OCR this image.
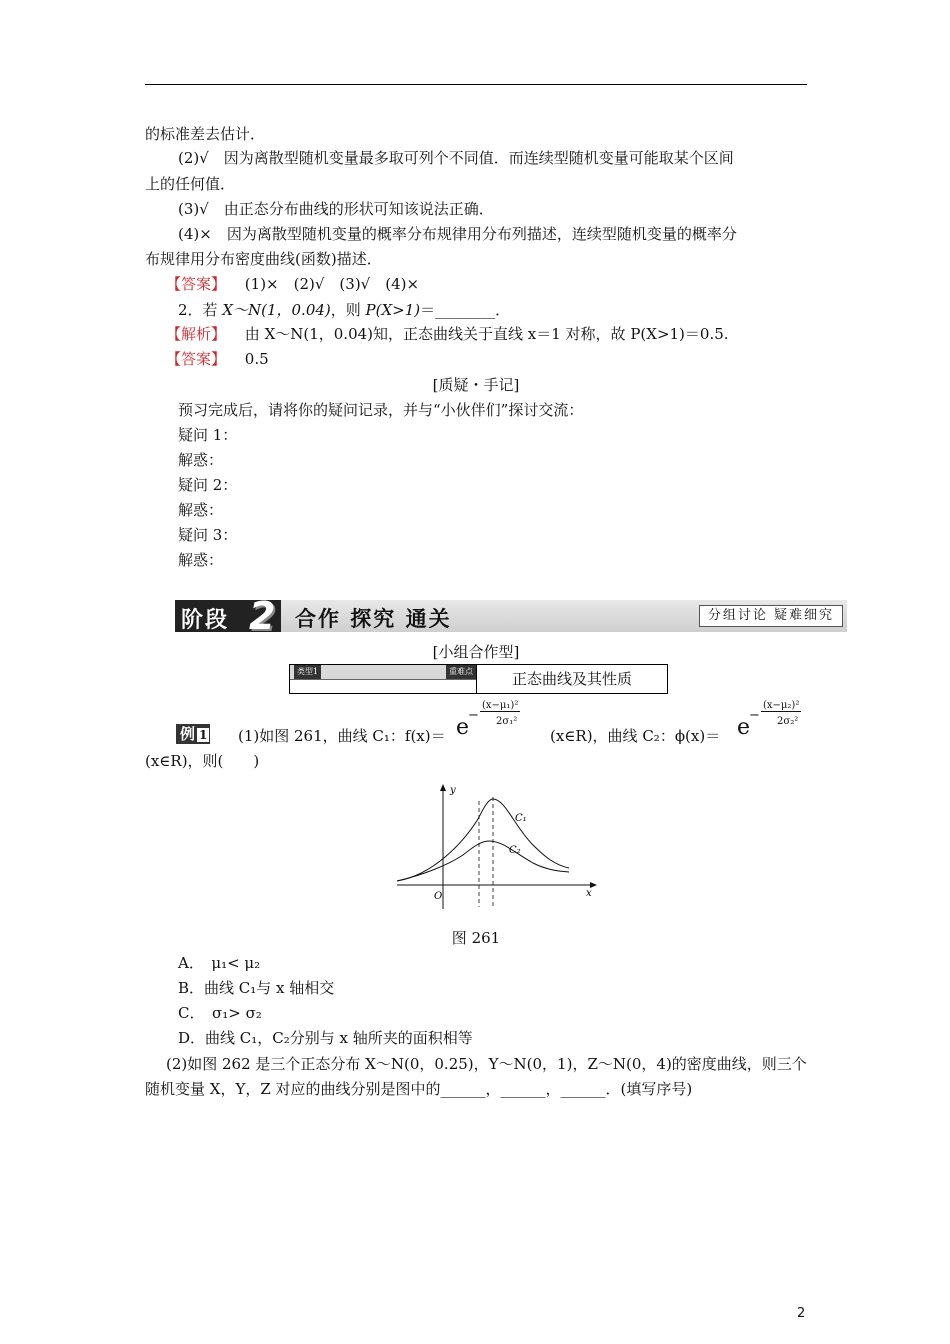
的标准差去估计．
(2)√　因为离散型随机变量最多取可列个不同值．而连续型随机变量可能取某个区间
上的任何值．
(3)√　由正态分布曲线的形状可知该说法正确．
(4)×　因为离散型随机变量的概率分布规律用分布列描述，连续型随机变量的概率分
布规律用分布密度曲线(函数)描述．
【答案】 (1)×　(2)√　(3)√　(4)×
2．若 X～N(1，0.04)，则 P(X>1)＝________．
【解析】 由 X～N(1，0.04)知，正态曲线关于直线 x＝1 对称，故 P(X>1)＝0.5.
【答案】 0.5
[质疑・手记]
预习完成后，请将你的疑问记录，并与“小伙伴们”探讨交流：
疑问 1：
解惑：
疑问 2：
解惑：
疑问 3：
解惑：
阶段 2 合作 探究 通关	分组讨论 疑难细究
[小组合作型]
类型1	重难点	正态曲线及其性质
例 1 (1)如图 261，曲线 C₁：f(x)＝ e
−
(x−μ₁)²
2σ₁²
(x∈R)，曲线 C₂：ϕ(x)＝ e
−
(x−μ₂)²
2σ₂²
(x∈R)，则(　　)
y
x
O
C₁
C₂
图 261
A．　μ₁< μ₂
B．曲线 C₁与 x 轴相交
C．　σ₁> σ₂
D．曲线 C₁，C₂分别与 x 轴所夹的面积相等
(2)如图 262 是三个正态分布 X～N(0，0.25)，Y～N(0，1)，Z～N(0，4)的密度曲线，则三个
随机变量 X，Y，Z 对应的曲线分别是图中的______，______，______．(填写序号)
2
